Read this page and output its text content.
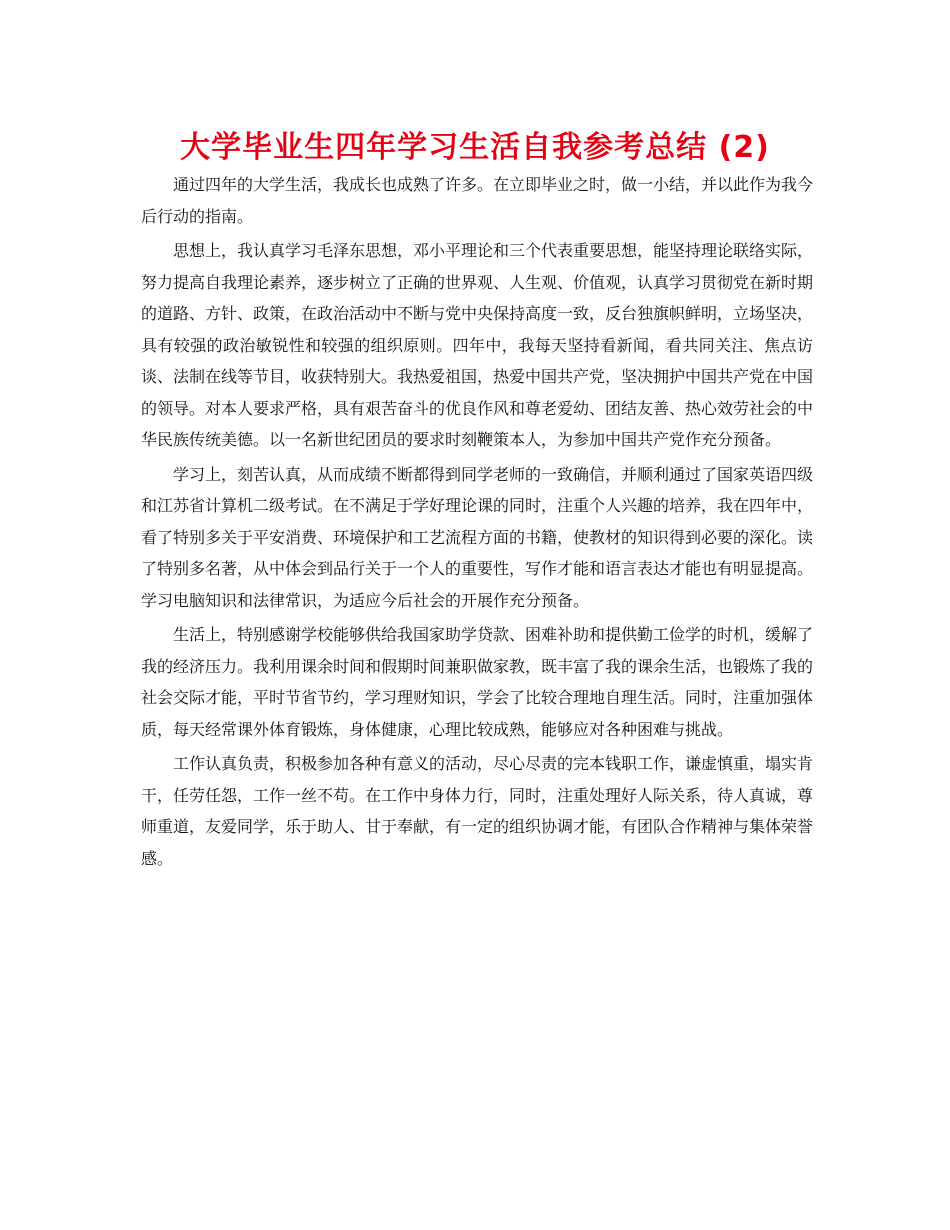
大学毕业生四年学习生活自我参考总结 (2)

通过四年的大学生活，我成长也成熟了许多。在立即毕业之时，做一小结，并以此作为我今后行动的指南。

思想上，我认真学习毛泽东思想，邓小平理论和三个代表重要思想，能坚持理论联络实际，努力提高自我理论素养，逐步树立了正确的世界观、人生观、价值观，认真学习贯彻党在新时期的道路、方针、政策，在政治活动中不断与党中央保持高度一致，反台独旗帜鲜明，立场坚决，具有较强的政治敏锐性和较强的组织原则。四年中，我每天坚持看新闻，看共同关注、焦点访谈、法制在线等节目，收获特别大。我热爱祖国，热爱中国共产党，坚决拥护中国共产党在中国的领导。对本人要求严格，具有艰苦奋斗的优良作风和尊老爱幼、团结友善、热心效劳社会的中华民族传统美德。以一名新世纪团员的要求时刻鞭策本人，为参加中国共产党作充分预备。

学习上，刻苦认真，从而成绩不断都得到同学老师的一致确信，并顺利通过了国家英语四级和江苏省计算机二级考试。在不满足于学好理论课的同时，注重个人兴趣的培养，我在四年中，看了特别多关于平安消费、环境保护和工艺流程方面的书籍，使教材的知识得到必要的深化。读了特别多名著，从中体会到品行关于一个人的重要性，写作才能和语言表达才能也有明显提高。学习电脑知识和法律常识，为适应今后社会的开展作充分预备。

生活上，特别感谢学校能够供给我国家助学贷款、困难补助和提供勤工俭学的时机，缓解了我的经济压力。我利用课余时间和假期时间兼职做家教，既丰富了我的课余生活，也锻炼了我的社会交际才能，平时节省节约，学习理财知识，学会了比较合理地自理生活。同时，注重加强体质，每天经常课外体育锻炼，身体健康，心理比较成熟，能够应对各种困难与挑战。

工作认真负责，积极参加各种有意义的活动，尽心尽责的完本钱职工作，谦虚慎重，塌实肯干，任劳任怨，工作一丝不苟。在工作中身体力行，同时，注重处理好人际关系，待人真诚，尊师重道，友爱同学，乐于助人、甘于奉献，有一定的组织协调才能，有团队合作精神与集体荣誉感。
